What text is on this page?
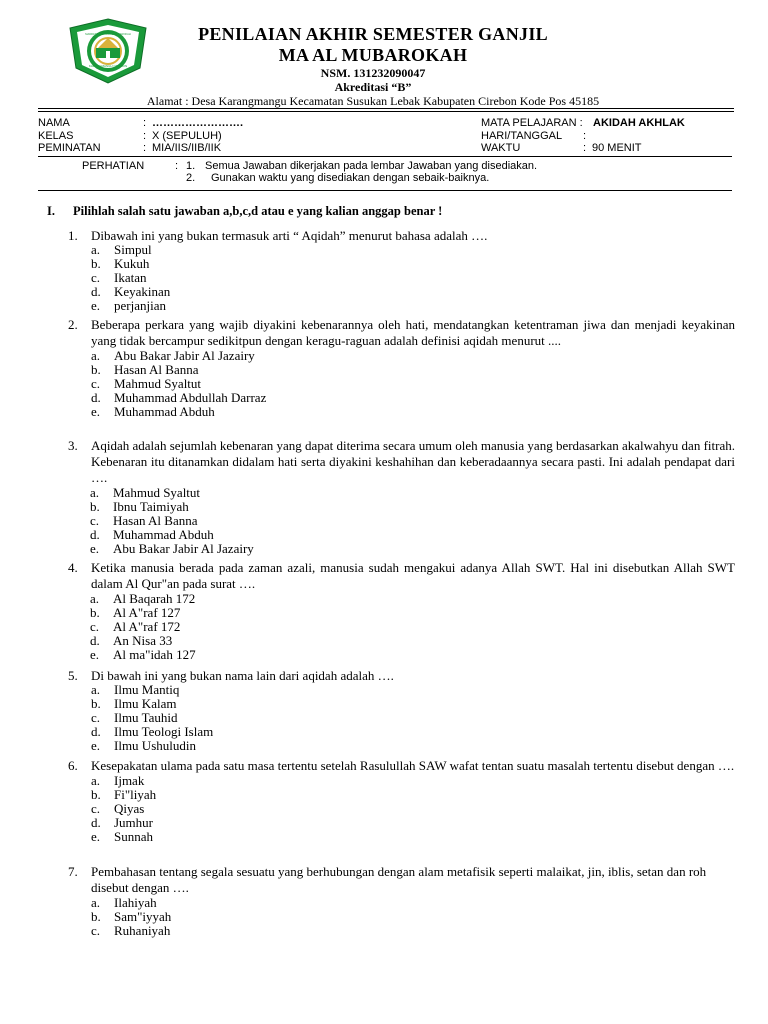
KARANGMANGU CIREBON
MADRASAH ALIYAH AL MUBAROKAH	PENILAIAN AKHIR SEMESTER GANJIL
MA AL MUBAROKAH
NSM. 131232090047
Akreditasi “B”
Alamat : Desa Karangmangu Kecamatan Susukan Lebak Kabupaten Cirebon Kode Pos 45185
NAMA	: …………………….
KELAS	: X (SEPULUH)
PEMINATAN	: MIA/IIS/IIB/IIK
MATA PELAJARAN : AKIDAH AKHLAK
HARI/TANGGAL :
WAKTU	: 90 MENIT
PERHATIAN	: 1. Semua Jawaban dikerjakan pada lembar Jawaban yang disediakan.
2. Gunakan waktu yang disediakan dengan sebaik-baiknya.
I. Pilihlah salah satu jawaban a,b,c,d atau e yang kalian anggap benar !
1.	Dibawah ini yang bukan termasuk arti “ Aqidah” menurut bahasa adalah ….
a. Simpul
b. Kukuh
c. Ikatan
d. Keyakinan
e. perjanjian
2.	Beberapa perkara yang wajib diyakini kebenarannya oleh hati, mendatangkan ketentraman jiwa dan menjadi keyakinan yang tidak bercampur sedikitpun dengan keragu-raguan adalah definisi aqidah menurut ....
a. Abu Bakar Jabir Al Jazairy
b. Hasan Al Banna
c. Mahmud Syaltut
d. Muhammad Abdullah Darraz
e. Muhammad Abduh
3.	Aqidah adalah sejumlah kebenaran yang dapat diterima secara umum oleh manusia yang berdasarkan akalwahyu dan fitrah. Kebenaran itu ditanamkan didalam hati serta diyakini keshahihan dan keberadaannya secara pasti. Ini adalah pendapat dari ….
a. Mahmud Syaltut
b. Ibnu Taimiyah
c. Hasan Al Banna
d. Muhammad Abduh
e. Abu Bakar Jabir Al Jazairy
4.	Ketika manusia berada pada zaman azali, manusia sudah mengakui adanya Allah SWT. Hal ini disebutkan Allah SWT dalam Al Qur"an pada surat ….
a. Al Baqarah 172
b. Al A"raf 127
c. Al A"raf 172
d. An Nisa 33
e. Al ma"idah 127
5.	Di bawah ini yang bukan nama lain dari aqidah adalah ….
a. Ilmu Mantiq
b. Ilmu Kalam
c. Ilmu Tauhid
d. Ilmu Teologi Islam
e. Ilmu Ushuludin
6.	Kesepakatan ulama pada satu masa tertentu setelah Rasulullah SAW wafat tentan suatu masalah tertentu disebut dengan ….
a. Ijmak
b. Fi"liyah
c. Qiyas
d. Jumhur
e. Sunnah
7.	Pembahasan tentang segala sesuatu yang berhubungan dengan alam metafisik seperti malaikat, jin, iblis, setan dan roh disebut dengan ….
a. Ilahiyah
b. Sam"iyyah
c. Ruhaniyah
